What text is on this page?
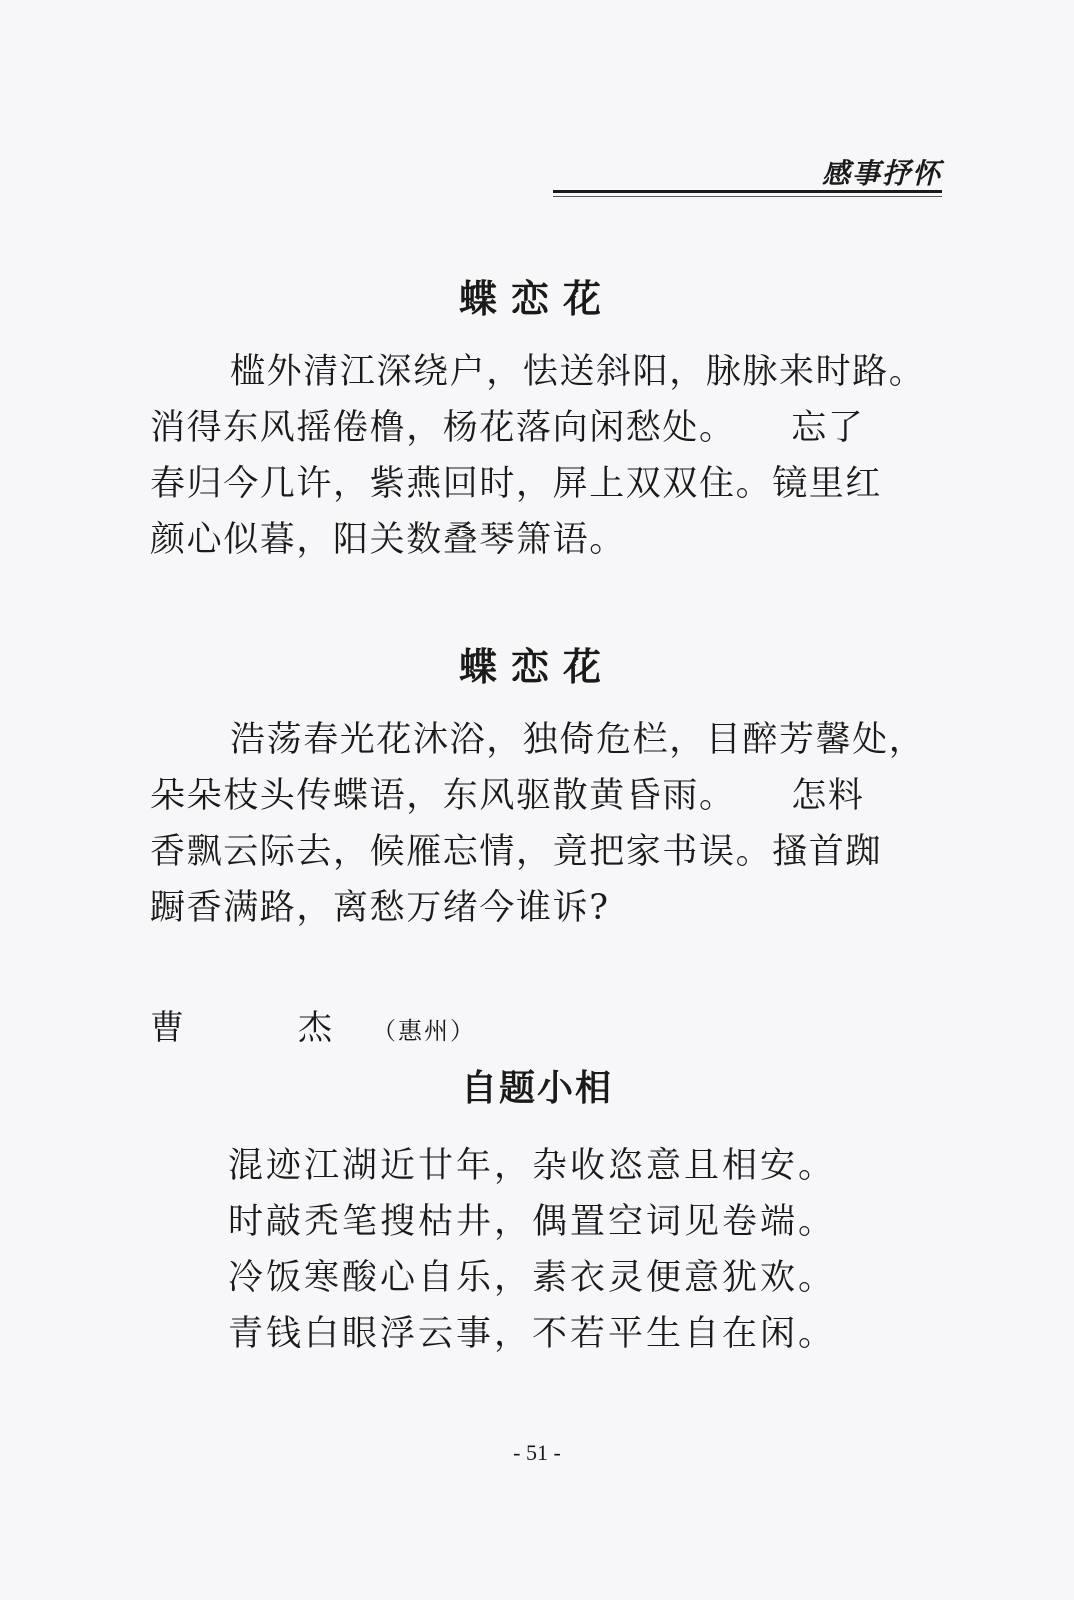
感事抒怀
蝶恋花
槛外清江深绕户，怯送斜阳，脉脉来时路。
消得东风摇倦橹，杨花落向闲愁处。　　忘了
春归今几许，紫燕回时，屏上双双住。镜里红
颜心似暮，阳关数叠琴箫语。
蝶恋花
浩荡春光花沐浴，独倚危栏，目醉芳馨处，
朵朵枝头传蝶语，东风驱散黄昏雨。　　怎料
香飘云际去，候雁忘情，竟把家书误。搔首踟
蹰香满路，离愁万绪今谁诉?
曹　杰（惠州）
自题小相
混迹江湖近廿年，杂收恣意且相安。
时敲秃笔搜枯井，偶置空词见卷端。
冷饭寒酸心自乐，素衣灵便意犹欢。
青钱白眼浮云事，不若平生自在闲。
- 51 -
